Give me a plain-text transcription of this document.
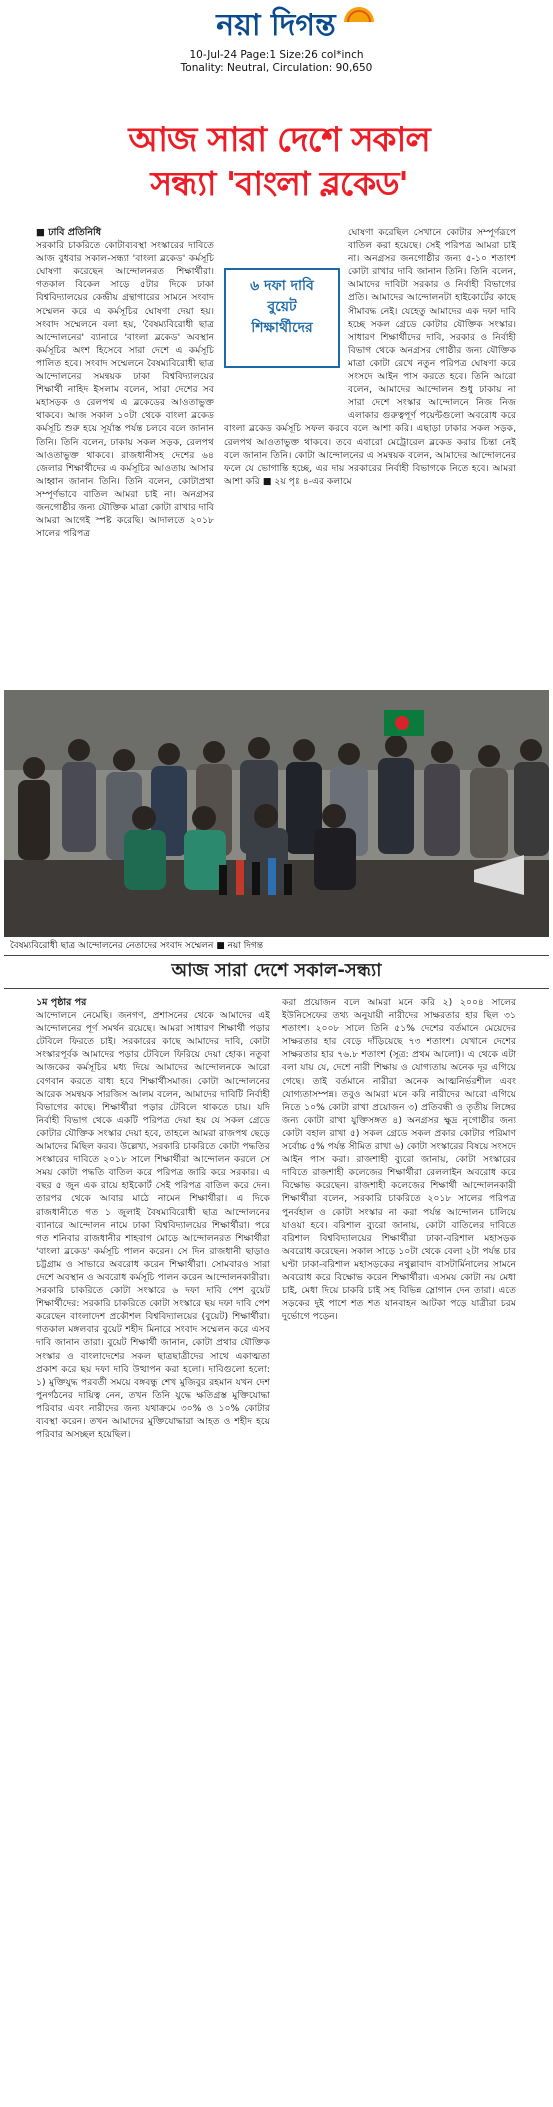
নয়া দিগন্ত
10-Jul-24 Page:1 Size:26 col*inch
Tonality: Neutral, Circulation: 90,650
আজ সারা দেশে সকাল
সন্ধ্যা 'বাংলা ব্লকেড'

■ ঢাবি প্রতিনিধি

সরকারি চাকরিতে কোটাব্যবস্থা সংস্কারের দাবিতে আজ বুধবার সকাল-সন্ধ্যা 'বাংলা ব্লকেড' কর্মসূচি ঘোষণা করেছেন আন্দোলনরত শিক্ষার্থীরা। গতকাল বিকেল সাড়ে ৫টার দিকে ঢাকা বিশ্ববিদ্যালয়ের কেন্দ্রীয় গ্রন্থাগারের সামনে সংবাদ সম্মেলন করে এ কর্মসূচির ঘোষণা দেয়া হয়। সংবাদ সম্মেলনে বলা হয়, 'বৈষম্যবিরোধী ছাত্র আন্দোলনের' ব্যানারে 'বাংলা ব্লকেড' অবস্থান কর্মসূচির অংশ হিসেবে সারা দেশে এ কর্মসূচি পালিত হবে। সংবাদ সম্মেলনে বৈষম্যবিরোধী ছাত্র আন্দোলনের সমন্বয়ক ঢাকা বিশ্ববিদ্যালয়ের শিক্ষার্থী নাহিদ ইসলাম বলেন, সারা দেশের সব মহাসড়ক ও রেলপথ এ ব্লকেডের আওতাভুক্ত থাকবে। আজ সকাল ১০টা থেকে বাংলা ব্লকেড কর্মসূচি শুরু হয়ে সূর্যাস্ত পর্যন্ত চলবে বলে জানান তিনি। তিনি বলেন, ঢাকায় সকল সড়ক, রেলপথ আওতাভুক্ত থাকবে। রাজধানীসহ দেশের ৬৪ জেলার শিক্ষার্থীদের এ কর্মসূচির আওতায় আসার আহ্বান জানান তিনি। তিনি বলেন, কোটাপ্রথা সম্পূর্ণভাবে বাতিল আমরা চাই না। অনগ্রসর জনগোষ্ঠীর জন্য যৌক্তিক মাত্রা কোটা রাখার দাবি আমরা আগেই স্পষ্ট করেছি। আদালতে ২০১৮ সালের পরিপত্র

ঘোষণা করেছিল সেখানে কোটার সম্পূর্ণরূপে বাতিল করা হয়েছে। সেই পরিপত্র আমরা চাই না। অনগ্রসর জনগোষ্ঠীর জন্য ৫-১০ শতাংশ কোটা রাখার দাবি জানান তিনি। তিনি বলেন, আমাদের দাবিটা সরকার ও নির্বাহী বিভাগের প্রতি। আমাদের আন্দোলনটা হাইকোর্টের কাছে সীমাবদ্ধ নেই। যেহেতু আমাদের এক দফা দাবি হচ্ছে সকল গ্রেডে কোটার যৌক্তিক সংস্কার। সাধারণ শিক্ষার্থীদের দাবি, সরকার ও নির্বাহী বিভাগ থেকে অনগ্রসর গোষ্ঠীর জন্য যৌক্তিক মাত্রা কোটা রেখে নতুন পরিপত্র ঘোষণা করে সংসদে আইন পাস করতে হবে। তিনি আরো বলেন, আমাদের আন্দোলন শুধু ঢাকায় না সারা দেশে সংস্কার আন্দোলনে নিজ নিজ এলাকার গুরুত্বপূর্ণ পয়েন্টগুলো অবরোধ করে বাংলা ব্লকেড কর্মসূচি সফল করবে বলে আশা করি। এছাড়া ঢাকার সকল সড়ক, রেলপথ আওতাভুক্ত থাকবে। তবে এবারো মেট্রোরেল ব্লকেড করার চিন্তা নেই বলে জানান তিনি। কোটা আন্দোলনের এ সমন্বয়ক বলেন, আমাদের আন্দোলনের ফলে যে ভোগান্তি হচ্ছে, এর দায় সরকারের নির্বাহী বিভাগকে নিতে হবে। আমরা আশা করি ■ ২য় পৃঃ ৪-এর কলামে

৬ দফা দাবি
বুয়েট
শিক্ষার্থীদের
বৈষম্যবিরোধী ছাত্র আন্দোলনের নেতাদের সংবাদ সম্মেলন ■ নয়া দিগন্ত
আজ সারা দেশে সকাল-সন্ধ্যা

১ম পৃষ্ঠার পর

আন্দোলনে নেমেছি। জনগণ, প্রশাসনের থেকে আমাদের এই আন্দোলনের পূর্ণ সমর্থন রয়েছে। আমরা সাধারণ শিক্ষার্থী পড়ার টেবিলে ফিরতে চাই। সরকারের কাছে আমাদের দাবি, কোটা সংস্কারপূর্বক আমাদের পড়ার টেবিলে ফিরিয়ে দেয়া হোক। নতুবা আজকের কর্মসূচির মধ্য দিয়ে আমাদের আন্দোলনকে আরো বেগবান করতে বাধ্য হবে শিক্ষার্থীসমাজ। কোটা আন্দোলনের আরেক সমন্বয়ক সারজিস আলম বলেন, আমাদের দাবিটি নির্বাহী বিভাগের কাছে। শিক্ষার্থীরা পড়ার টেবিলে থাকতে চায়। যদি নির্বাহী বিভাগ থেকে একটি পরিপত্র দেয়া হয় যে সকল গ্রেডে কোটার যৌক্তিক সংস্কার দেয়া হবে, তাহলে আমরা রাজপথ ছেড়ে আমাদের মিছিল করব। উল্লেখ্য, সরকারি চাকরিতে কোটা পদ্ধতির সংস্কারের দাবিতে ২০১৮ সালে শিক্ষার্থীরা আন্দোলন করলে সে সময় কোটা পদ্ধতি বাতিল করে পরিপত্র জারি করে সরকার। এ বছর ৫ জুন এক রায়ে হাইকোর্ট সেই পরিপত্র বাতিল করে দেন। তারপর থেকে আবার মাঠে নামেন শিক্ষার্থীরা। এ দিকে রাজধানীতে গত ১ জুলাই বৈষম্যবিরোধী ছাত্র আন্দোলনের ব্যানারে আন্দোলন নামে ঢাকা বিশ্ববিদ্যালয়ের শিক্ষার্থীরা। পরে গত শনিবার রাজধানীর শাহবাগ মোড়ে আন্দোলনরত শিক্ষার্থীরা 'বাংলা ব্লকেড' কর্মসূচি পালন করেন। সে দিন রাজধানী ছাড়াও চট্টগ্রাম ও সাভারে অবরোধ করেন শিক্ষার্থীরা। সোমবারও সারা দেশে অবস্থান ও অবরোধ কর্মসূচি পালন করেন আন্দোলনকারীরা। সরকারি চাকরিতে কোটা সংস্কারে ৬ দফা দাবি পেশ বুয়েট শিক্ষার্থীদের: সরকারি চাকরিতে কোটা সংস্কারে ছয় দফা দাবি পেশ করেছেন বাংলাদেশ প্রকৌশল বিশ্ববিদ্যালয়ের (বুয়েট) শিক্ষার্থীরা। গতকাল মঙ্গলবার বুয়েট শহীদ মিনারে সংবাদ সম্মেলন করে এসব দাবি জানান তারা। বুয়েট শিক্ষার্থী জানান, কোটা প্রথার যৌক্তিক সংস্কার ও বাংলাদেশের সকল ছাত্রছাত্রীদের সাথে একাত্মতা প্রকাশ করে ছয় দফা দাবি উত্থাপন করা হলো। দাবিগুলো হলো: ১) মুক্তিযুদ্ধ পরবর্তী সময়ে বঙ্গবন্ধু শেখ মুজিবুর রহমান যখন দেশ পুনর্গঠনের দায়িত্ব নেন, তখন তিনি যুদ্ধে ক্ষতিগ্রস্ত মুক্তিযোদ্ধা পরিবার এবং নারীদের জন্য যথাক্রমে ৩০% ও ১০% কোটার ব্যবস্থা করেন। তখন আমাদের মুক্তিযোদ্ধারা আহত ও শহীদ হয়ে পরিবার অসচ্ছল হয়েছিল।

করা প্রয়োজন বলে আমরা মনে করি ২) ২০০৪ সালের ইউনিসেফের তথ্য অনুযায়ী নারীদের সাক্ষরতার হার ছিল ৩১ শতাংশ। ২০০৮ সালে তিনি ৫১% দেশের বর্তমানে মেয়েদের সাক্ষরতার হার বেড়ে দাঁড়িয়েছে ৭৩ শতাংশ। যেখানে দেশের সাক্ষরতার হার ৭৬.৮ শতাংশ (সূত্র: প্রথম আলো)। এ থেকে এটা বলা যায় যে, দেশে নারী শিক্ষায় ও যোগ্যতায় অনেক দূর এগিয়ে গেছে। তাই বর্তমানে নারীরা অনেক আত্মনির্ভরশীল এবং যোগ্যতাসম্পন্ন। তবুও আমরা মনে করি নারীদের আরো এগিয়ে নিতে ১০% কোটা রাখা প্রয়োজন ৩) প্রতিবন্ধী ও তৃতীয় লিঙ্গের জন্য কোটা রাখা যুক্তিসঙ্গত ৪) অনগ্রসর ক্ষুদ্র নৃগোষ্ঠীর জন্য কোটা বহাল রাখা ৫) সকল গ্রেডে সকল প্রকার কোটার পরিমাণ সর্বোচ্চ ৫% পর্যন্ত সীমিত রাখা ৬) কোটা সংস্কারের বিষয়ে সংসদে আইন পাস করা। রাজশাহী ব্যুরো জানায়, কোটা সংস্কারের দাবিতে রাজশাহী কলেজের শিক্ষার্থীরা রেললাইন অবরোধ করে বিক্ষোভ করেছেন। রাজশাহী কলেজের শিক্ষার্থী আন্দোলনকারী শিক্ষার্থীরা বলেন, সরকারি চাকরিতে ২০১৮ সালের পরিপত্র পুনর্বহাল ও কোটা সংস্কার না করা পর্যন্ত আন্দোলন চালিয়ে যাওয়া হবে। বরিশাল ব্যুরো জানায়, কোটা বাতিলের দাবিতে বরিশাল বিশ্ববিদ্যালয়ের শিক্ষার্থীরা ঢাকা-বরিশাল মহাসড়ক অবরোধ করেছেন। সকাল সাড়ে ১০টা থেকে বেলা ২টা পর্যন্ত চার ঘণ্টা ঢাকা-বরিশাল মহাসড়কের নথুল্লাবাদ বাসটার্মিনালের সামনে অবরোধ করে বিক্ষোভ করেন শিক্ষার্থীরা। এসময় কোটা নয় মেধা চাই, মেধা দিয়ে চাকরি চাই সহ বিভিন্ন স্লোগান দেন তারা। এতে সড়কের দুই পাশে শত শত যানবাহন আটকা পড়ে যাত্রীরা চরম দুর্ভোগে পড়েন।
